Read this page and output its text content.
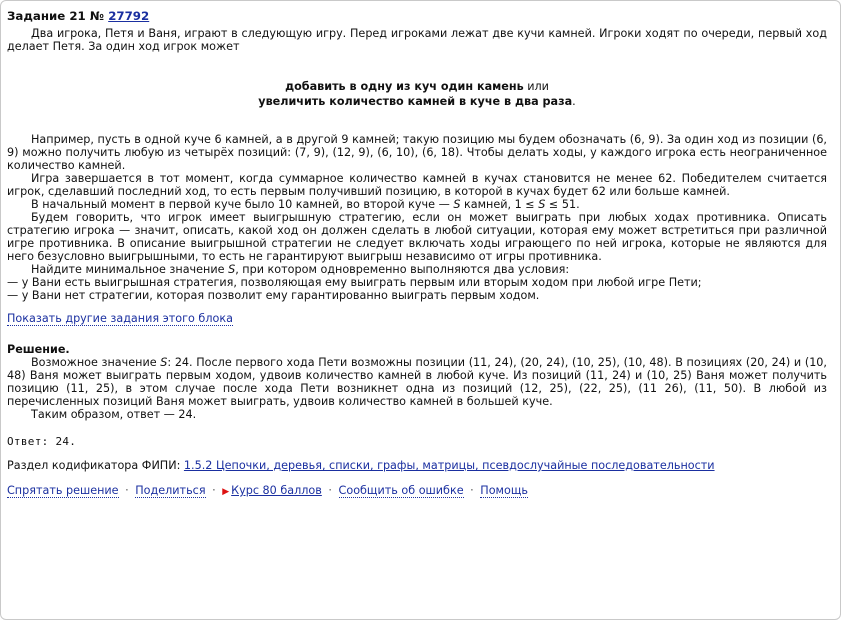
Задание 21 № 27792

Два игрока, Петя и Ваня, играют в следующую игру. Перед игроками лежат две кучи камней. Игроки ходят по очереди, первый ход делает Петя. За один ход игрок может

добавить в одну из куч один камень или
увеличить количество камней в куче в два раза.

Например, пусть в одной куче 6 камней, а в другой 9 камней; такую позицию мы будем обозначать (6, 9). За один ход из позиции (6, 9) можно получить любую из четырёх позиций: (7, 9), (12, 9), (6, 10), (6, 18). Чтобы делать ходы, у каждого игрока есть неограниченное количество камней.

Игра завершается в тот момент, когда суммарное количество камней в кучах становится не менее 62. Победителем считается игрок, сделавший последний ход, то есть первым получивший позицию, в которой в кучах будет 62 или больше камней.

В начальный момент в первой куче было 10 камней, во второй куче — S камней, 1 ≤ S ≤ 51.

Будем говорить, что игрок имеет выигрышную стратегию, если он может выиграть при любых ходах противника. Описать стратегию игрока — значит, описать, какой ход он должен сделать в любой ситуации, которая ему может встретиться при различной игре противника. В описание выигрышной стратегии не следует включать ходы играющего по ней игрока, которые не являются для него безусловно выигрышными, то есть не гарантируют выигрыш независимо от игры противника.

Найдите минимальное значение S, при котором одновременно выполняются два условия:

— у Вани есть выигрышная стратегия, позволяющая ему выиграть первым или вторым ходом при любой игре Пети;

— у Вани нет стратегии, которая позволит ему гарантированно выиграть первым ходом.

Показать другие задания этого блока
Решение.

Возможное значение S: 24. После первого хода Пети возможны позиции (11, 24), (20, 24), (10, 25), (10, 48). В позициях (20, 24) и (10, 48) Ваня может выиграть первым ходом, удвоив количество камней в любой куче. Из позиций (11, 24) и (10, 25) Ваня может получить позицию (11, 25), в этом случае после хода Пети возникнет одна из позиций (12, 25), (22, 25), (11 26), (11, 50). В любой из перечисленных позиций Ваня может выиграть, удвоив количество камней в большей куче.

Таким образом, ответ — 24.

Ответ: 24.
Раздел кодификатора ФИПИ: 1.5.2 Цепочки, деревья, списки, графы, матрицы, псевдослучайные последовательности
Спрятать решение · Поделиться · ▶ Курс 80 баллов · Сообщить об ошибке · Помощь
